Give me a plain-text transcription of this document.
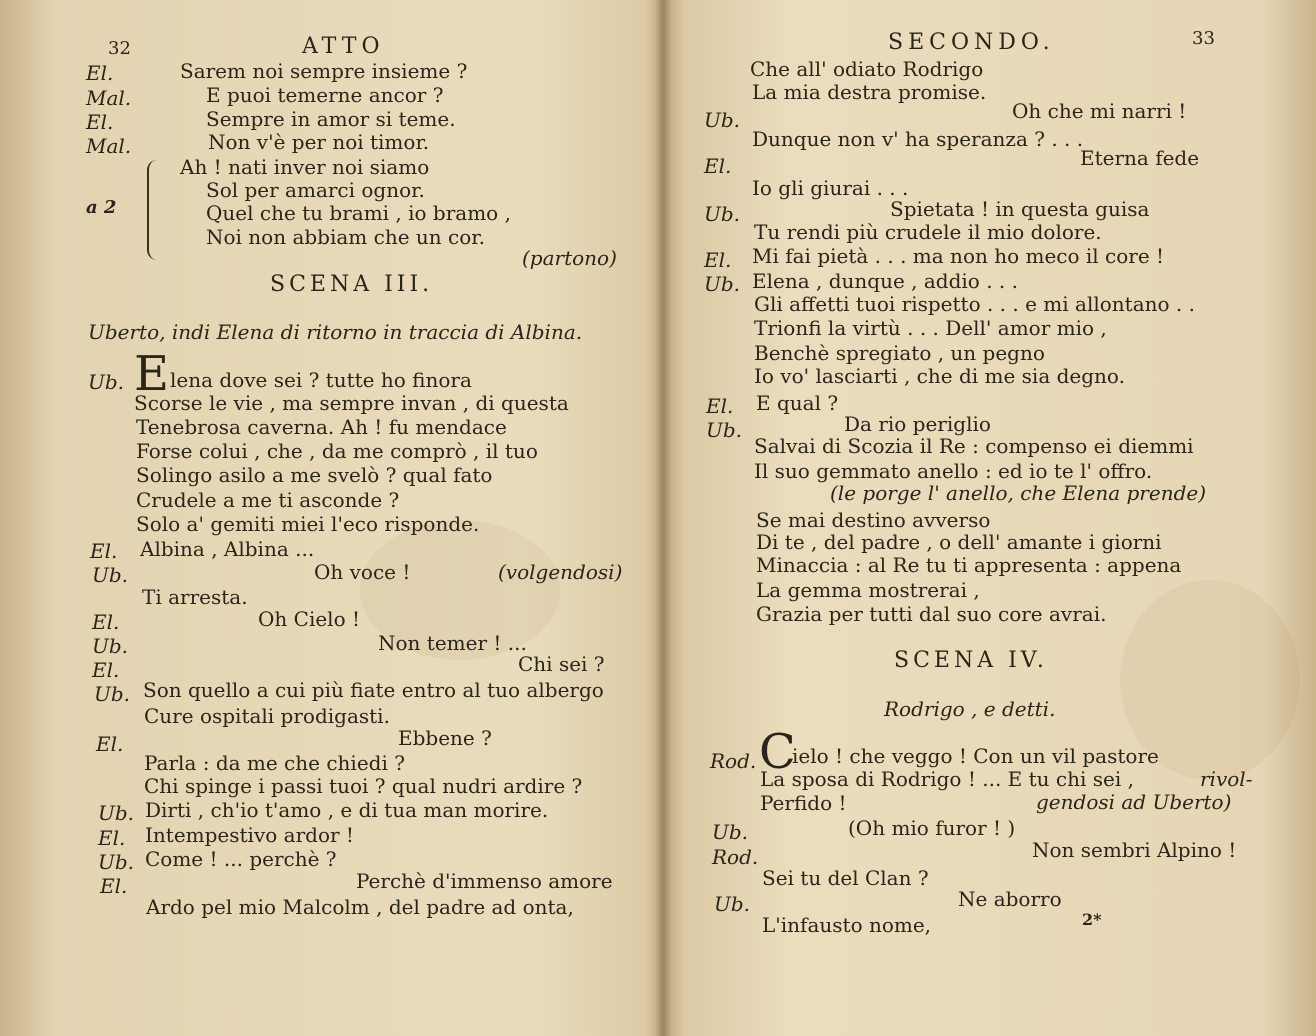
32	ATTO
El.	Sarem noi sempre insieme ?
Mal.	E puoi temerne ancor ?
El.	Sempre in amor si teme.
Mal.	Non v'è per noi timor.
a 2
Ah ! nati inver noi siamo
Sol per amarci ognor.
Quel che tu brami , io bramo ,
Noi non abbiam che un cor.
(partono)
SCENA III.
Uberto, indi Elena di ritorno in traccia di Albina.
Ub. E lena dove sei ? tutte ho finora
Scorse le vie , ma sempre invan , di questa
Tenebrosa caverna. Ah ! fu mendace
Forse colui , che , da me comprò , il tuo
Solingo asilo a me svelò ? qual fato
Crudele a me ti asconde ?
Solo a' gemiti miei l'eco risponde.
El. Albina , Albina ...
Ub.	Oh voce !	(volgendosi)
Ti arresta.
El.	Oh Cielo !
Ub.	Non temer ! ...
El.	Chi sei ?
Ub. Son quello a cui più fiate entro al tuo albergo
Cure ospitali prodigasti.
El.	Ebbene ?
Parla : da me che chiedi ?
Chi spinge i passi tuoi ? qual nudri ardire ?
Ub. Dirti , ch'io t'amo , e di tua man morire.
El. Intempestivo ardor !
Ub. Come ! ... perchè ?
El.	Perchè d'immenso amore
Ardo pel mio Malcolm , del padre ad onta,
SECONDO.	33
Che all' odiato Rodrigo
La mia destra promise.
Ub.	Oh che mi narri !
Dunque non v' ha speranza ? . . .
El.	Eterna fede
Io gli giurai . . .
Ub.	Spietata ! in questa guisa
Tu rendi più crudele il mio dolore.
El. Mi fai pietà . . . ma non ho meco il core !
Ub. Elena , dunque , addio . . .
Gli affetti tuoi rispetto . . . e mi allontano . .
Trionfi la virtù . . . Dell' amor mio ,
Benchè spregiato , un pegno
Io vo' lasciarti , che di me sia degno.
El. E qual ?
Ub.	Da rio periglio
Salvai di Scozia il Re : compenso ei diemmi
Il suo gemmato anello : ed io te l' offro.
(le porge l' anello, che Elena prende)
Se mai destino avverso
Di te , del padre , o dell' amante i giorni
Minaccia : al Re tu ti appresenta : appena
La gemma mostrerai ,
Grazia per tutti dal suo core avrai.
SCENA IV.
Rodrigo , e detti.
Rod. C
ielo ! che veggo ! Con un vil pastore
La sposa di Rodrigo ! ... E tu chi sei ,	rivol-
Perfido !	gendosi ad Uberto)
Ub.	(Oh mio furor ! )
Rod.	Non sembri Alpino !
Sei tu del Clan ?
Ub.	Ne aborro
L'infausto nome,	2*
